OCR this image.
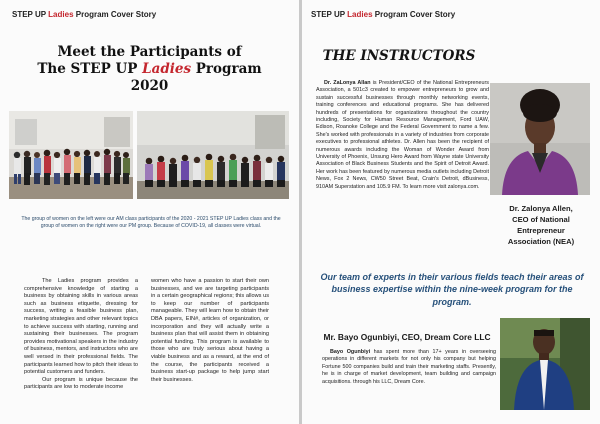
STEP UP Ladies Program Cover Story
Meet the Participants of
The STEP UP Ladies Program
2020
The group of women on the left were our AM class participants of the 2020 - 2021 STEP UP Ladies class and the group of women on the right were our PM group. Because of COVID-19, all classes were virtual.
The Ladies program provides a comprehensive knowledge of starting a business by obtaining skills in various areas such as business etiquette, dressing for success, writing a feasible business plan, marketing strategies and other relevant topics to achieve success with starting, running and sustaining their businesses. The program provides motivational speakers in the industry of business, mentors, and instructors who are well versed in their professional fields. The participants learned how to pitch their ideas to potential customers and funders.
Our program is unique because the participants are low to moderate income
women who have a passion to start their own businesses, and we are targeting participants in a certain geographical regions; this allows us to keep our number of participants manageable. They will learn how to obtain their DBA papers, EIN#, articles of organization, or incorporation and they will actually write a business plan that will assist them in obtaining potential funding. This program is available to those who are truly serious about having a viable business and as a reward, at the end of the course, the participants received a business start-up package to help jump start their businesses.
STEP UP Ladies Program Cover Story
THE INSTRUCTORS
Dr. ZaLonya Allan is President/CEO of the National Entrepreneurs Association, a 501c3 created to empower entrepreneurs to grow and sustain successful businesses through monthly networking events, training conferences and educational programs. She has delivered hundreds of presentations for organizations throughout the country including, Society for Human Resource Management, Ford UAW, Edison, Roanoke College and the Federal Government to name a few. She's worked with professionals in a variety of industries from corporate executives to professional athletes. Dr. Allen has been the recipient of numerous awards including the Woman of Wonder Award from University of Phoenix, Unsung Hero Award from Wayne state University Association of Black Business Students and the Spirit of Detroit Award. Her work has been featured by numerous media outlets including Detroit News, Fox 2 News, CW50 Street Beat, Crain's Detroit, dBusiness, 910AM Superstation and 105.9 FM. To learn more visit zalonya.com.
Dr. Zalonya Allen,
CEO of National
Entrepreneur
Association (NEA)
Our team of experts in their various fields teach their areas of business expertise within the nine-week program for the program.
Mr. Bayo Ogunbiyi, CEO, Dream Core LLC
Bayo Ogunbiyi has spent more than 17+ years in overseeing operations in different markets for not only his company but helping Fortune 500 companies build and train their marketing staffs. Presently, he is in charge of market development, team building and campaign acquisitions. through his LLC, Dream Core.
